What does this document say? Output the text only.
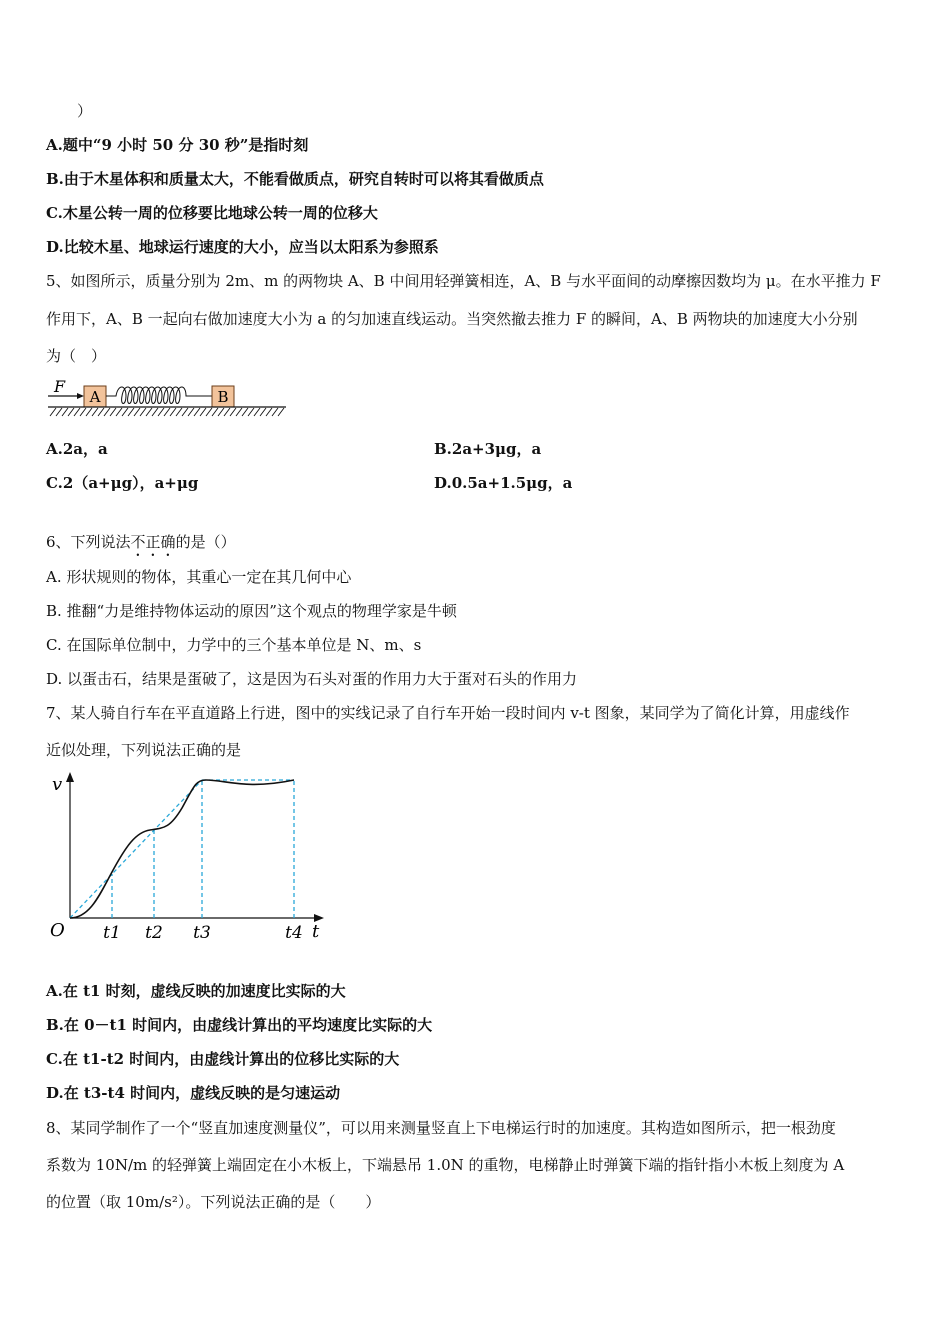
）
A.题中“9 小时 50 分 30 秒”是指时刻
B.由于木星体积和质量太大，不能看做质点，研究自转时可以将其看做质点
C.木星公转一周的位移要比地球公转一周的位移大
D.比较木星、地球运行速度的大小，应当以太阳系为参照系
5、如图所示，质量分别为 2m、m 的两物块 A、B 中间用轻弹簧相连，A、B 与水平面间的动摩擦因数均为 μ。在水平推力 F
作用下，A、B 一起向右做加速度大小为 a 的匀加速直线运动。当突然撤去推力 F 的瞬间，A、B 两物块的加速度大小分别
为（　）
F
A	B
A.2a，a	B.2a+3μg，a
C.2（a+μg），a+μg	D.0.5a+1.5μg，a
6、下列说法不正确的是（）
A. 形状规则的物体，其重心一定在其几何中心
B. 推翻“力是维持物体运动的原因”这个观点的物理学家是牛顿
C. 在国际单位制中，力学中的三个基本单位是 N、m、s
D. 以蛋击石，结果是蛋破了，这是因为石头对蛋的作用力大于蛋对石头的作用力
7、某人骑自行车在平直道路上行进，图中的实线记录了自行车开始一段时间内 v-t 图象，某同学为了简化计算，用虚线作
近似处理，下列说法正确的是
v
O	t
t1 t2 t3	t4
A.在 t1 时刻，虚线反映的加速度比实际的大
B.在 0－t1 时间内，由虚线计算出的平均速度比实际的大
C.在 t1-t2 时间内，由虚线计算出的位移比实际的大
D.在 t3-t4 时间内，虚线反映的是匀速运动
8、某同学制作了一个“竖直加速度测量仪”，可以用来测量竖直上下电梯运行时的加速度。其构造如图所示，把一根劲度
系数为 10N/m 的轻弹簧上端固定在小木板上，下端悬吊 1.0N 的重物，电梯静止时弹簧下端的指针指小木板上刻度为 A
的位置（取 10m/s²）。下列说法正确的是（　　）
